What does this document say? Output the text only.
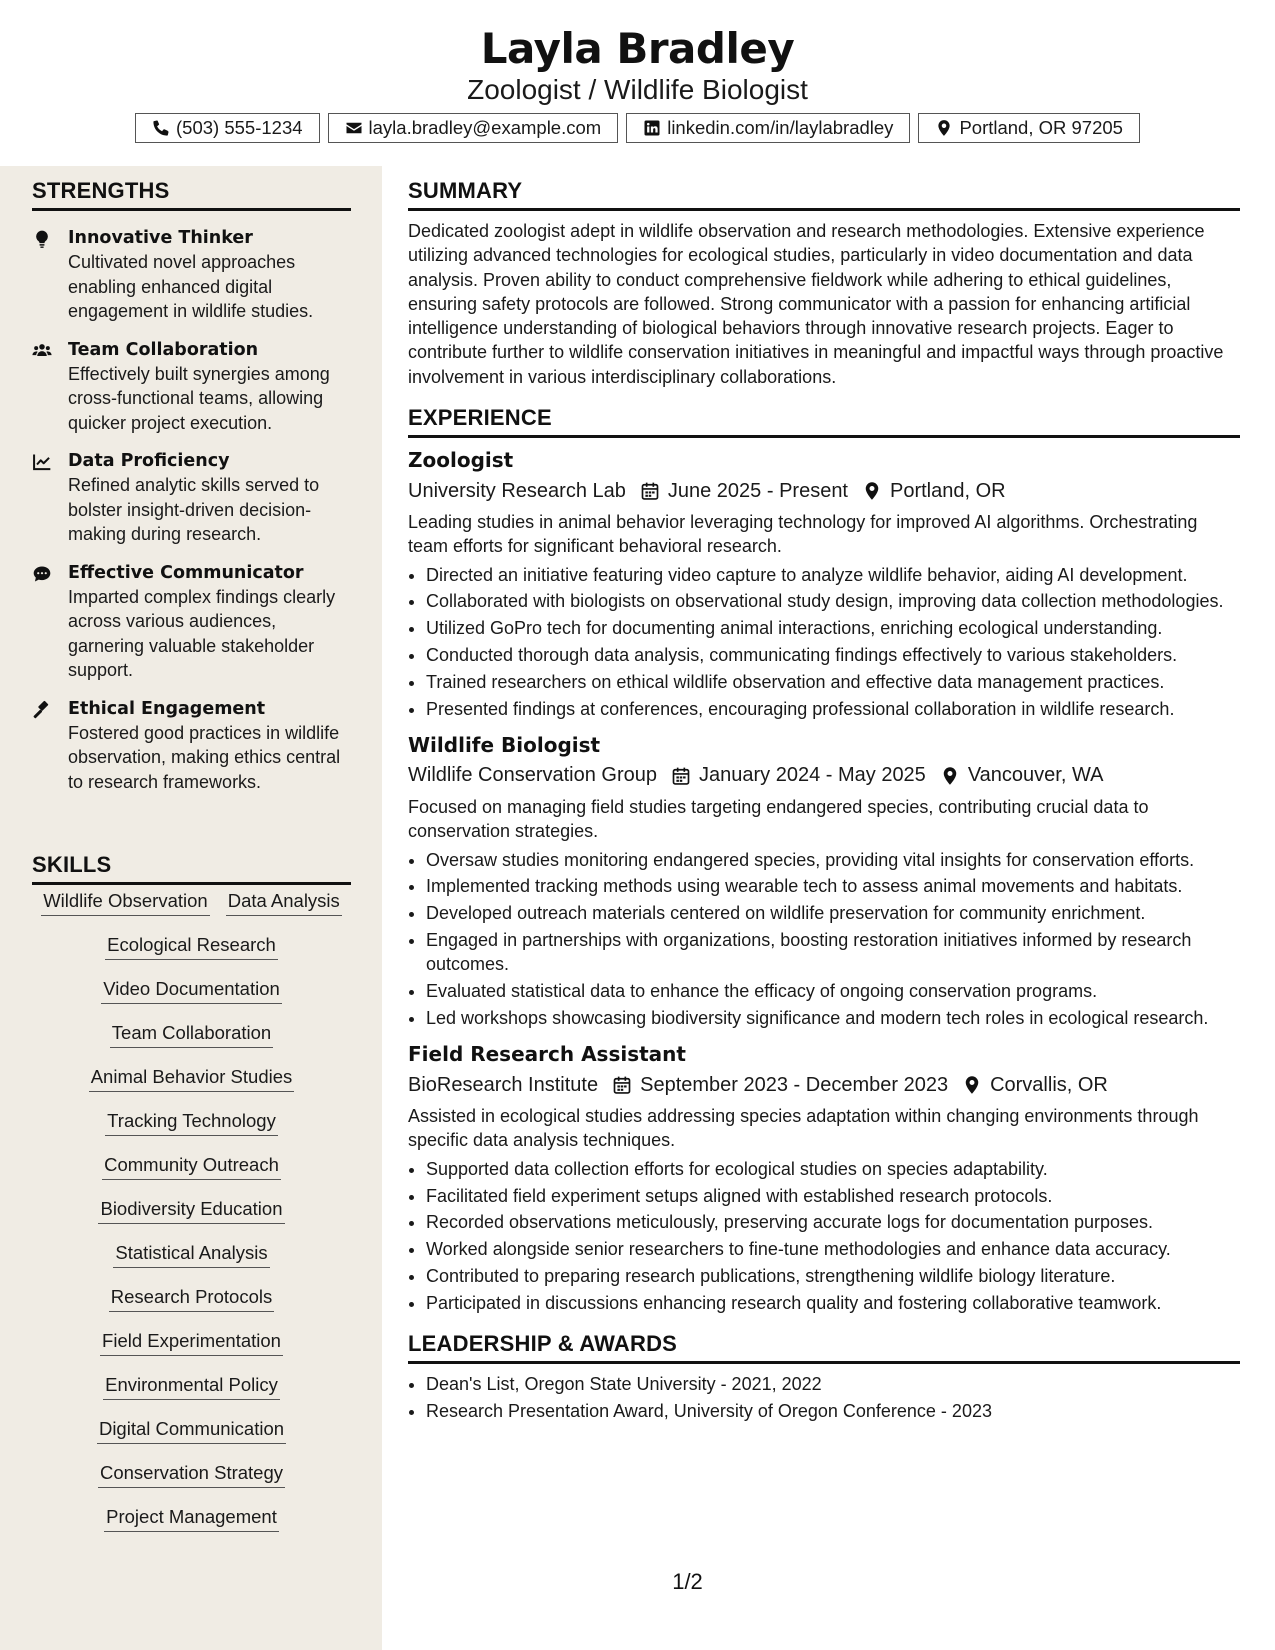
Layla Bradley
Zoologist / Wildlife Biologist
(503) 555-1234	layla.bradley@example.com	linkedin.com/in/laylabradley	Portland, OR 97205
STRENGTHS
Innovative Thinker
Cultivated novel approaches enabling enhanced digital engagement in wildlife studies.
Team Collaboration
Effectively built synergies among cross-functional teams, allowing quicker project execution.
Data Proficiency
Refined analytic skills served to bolster insight-driven decision-making during research.
Effective Communicator
Imparted complex findings clearly across various audiences, garnering valuable stakeholder support.
Ethical Engagement
Fostered good practices in wildlife observation, making ethics central to research frameworks.
SKILLS
Wildlife Observation Data Analysis
Ecological Research
Video Documentation
Team Collaboration
Animal Behavior Studies
Tracking Technology
Community Outreach
Biodiversity Education
Statistical Analysis
Research Protocols
Field Experimentation
Environmental Policy
Digital Communication
Conservation Strategy
Project Management
SUMMARY

Dedicated zoologist adept in wildlife observation and research methodologies. Extensive experience utilizing advanced technologies for ecological studies, particularly in video documentation and data analysis. Proven ability to conduct comprehensive fieldwork while adhering to ethical guidelines, ensuring safety protocols are followed. Strong communicator with a passion for enhancing artificial intelligence understanding of biological behaviors through innovative research projects. Eager to contribute further to wildlife conservation initiatives in meaningful and impactful ways through proactive involvement in various interdisciplinary collaborations.

EXPERIENCE
Zoologist
University Research Lab June 2025 - Present Portland, OR

Leading studies in animal behavior leveraging technology for improved AI algorithms. Orchestrating team efforts for significant behavioral research.

• Directed an initiative featuring video capture to analyze wildlife behavior, aiding AI development.
• Collaborated with biologists on observational study design, improving data collection methodologies.
• Utilized GoPro tech for documenting animal interactions, enriching ecological understanding.
• Conducted thorough data analysis, communicating findings effectively to various stakeholders.
• Trained researchers on ethical wildlife observation and effective data management practices.
• Presented findings at conferences, encouraging professional collaboration in wildlife research.
Wildlife Biologist
Wildlife Conservation Group January 2024 - May 2025 Vancouver, WA

Focused on managing field studies targeting endangered species, contributing crucial data to conservation strategies.

• Oversaw studies monitoring endangered species, providing vital insights for conservation efforts.
• Implemented tracking methods using wearable tech to assess animal movements and habitats.
• Developed outreach materials centered on wildlife preservation for community enrichment.
• Engaged in partnerships with organizations, boosting restoration initiatives informed by research outcomes.
• Evaluated statistical data to enhance the efficacy of ongoing conservation programs.
• Led workshops showcasing biodiversity significance and modern tech roles in ecological research.
Field Research Assistant
BioResearch Institute September 2023 - December 2023 Corvallis, OR

Assisted in ecological studies addressing species adaptation within changing environments through specific data analysis techniques.

• Supported data collection efforts for ecological studies on species adaptability.
• Facilitated field experiment setups aligned with established research protocols.
• Recorded observations meticulously, preserving accurate logs for documentation purposes.
• Worked alongside senior researchers to fine-tune methodologies and enhance data accuracy.
• Contributed to preparing research publications, strengthening wildlife biology literature.
• Participated in discussions enhancing research quality and fostering collaborative teamwork.
LEADERSHIP & AWARDS
• Dean's List, Oregon State University - 2021, 2022
• Research Presentation Award, University of Oregon Conference - 2023
1/2
